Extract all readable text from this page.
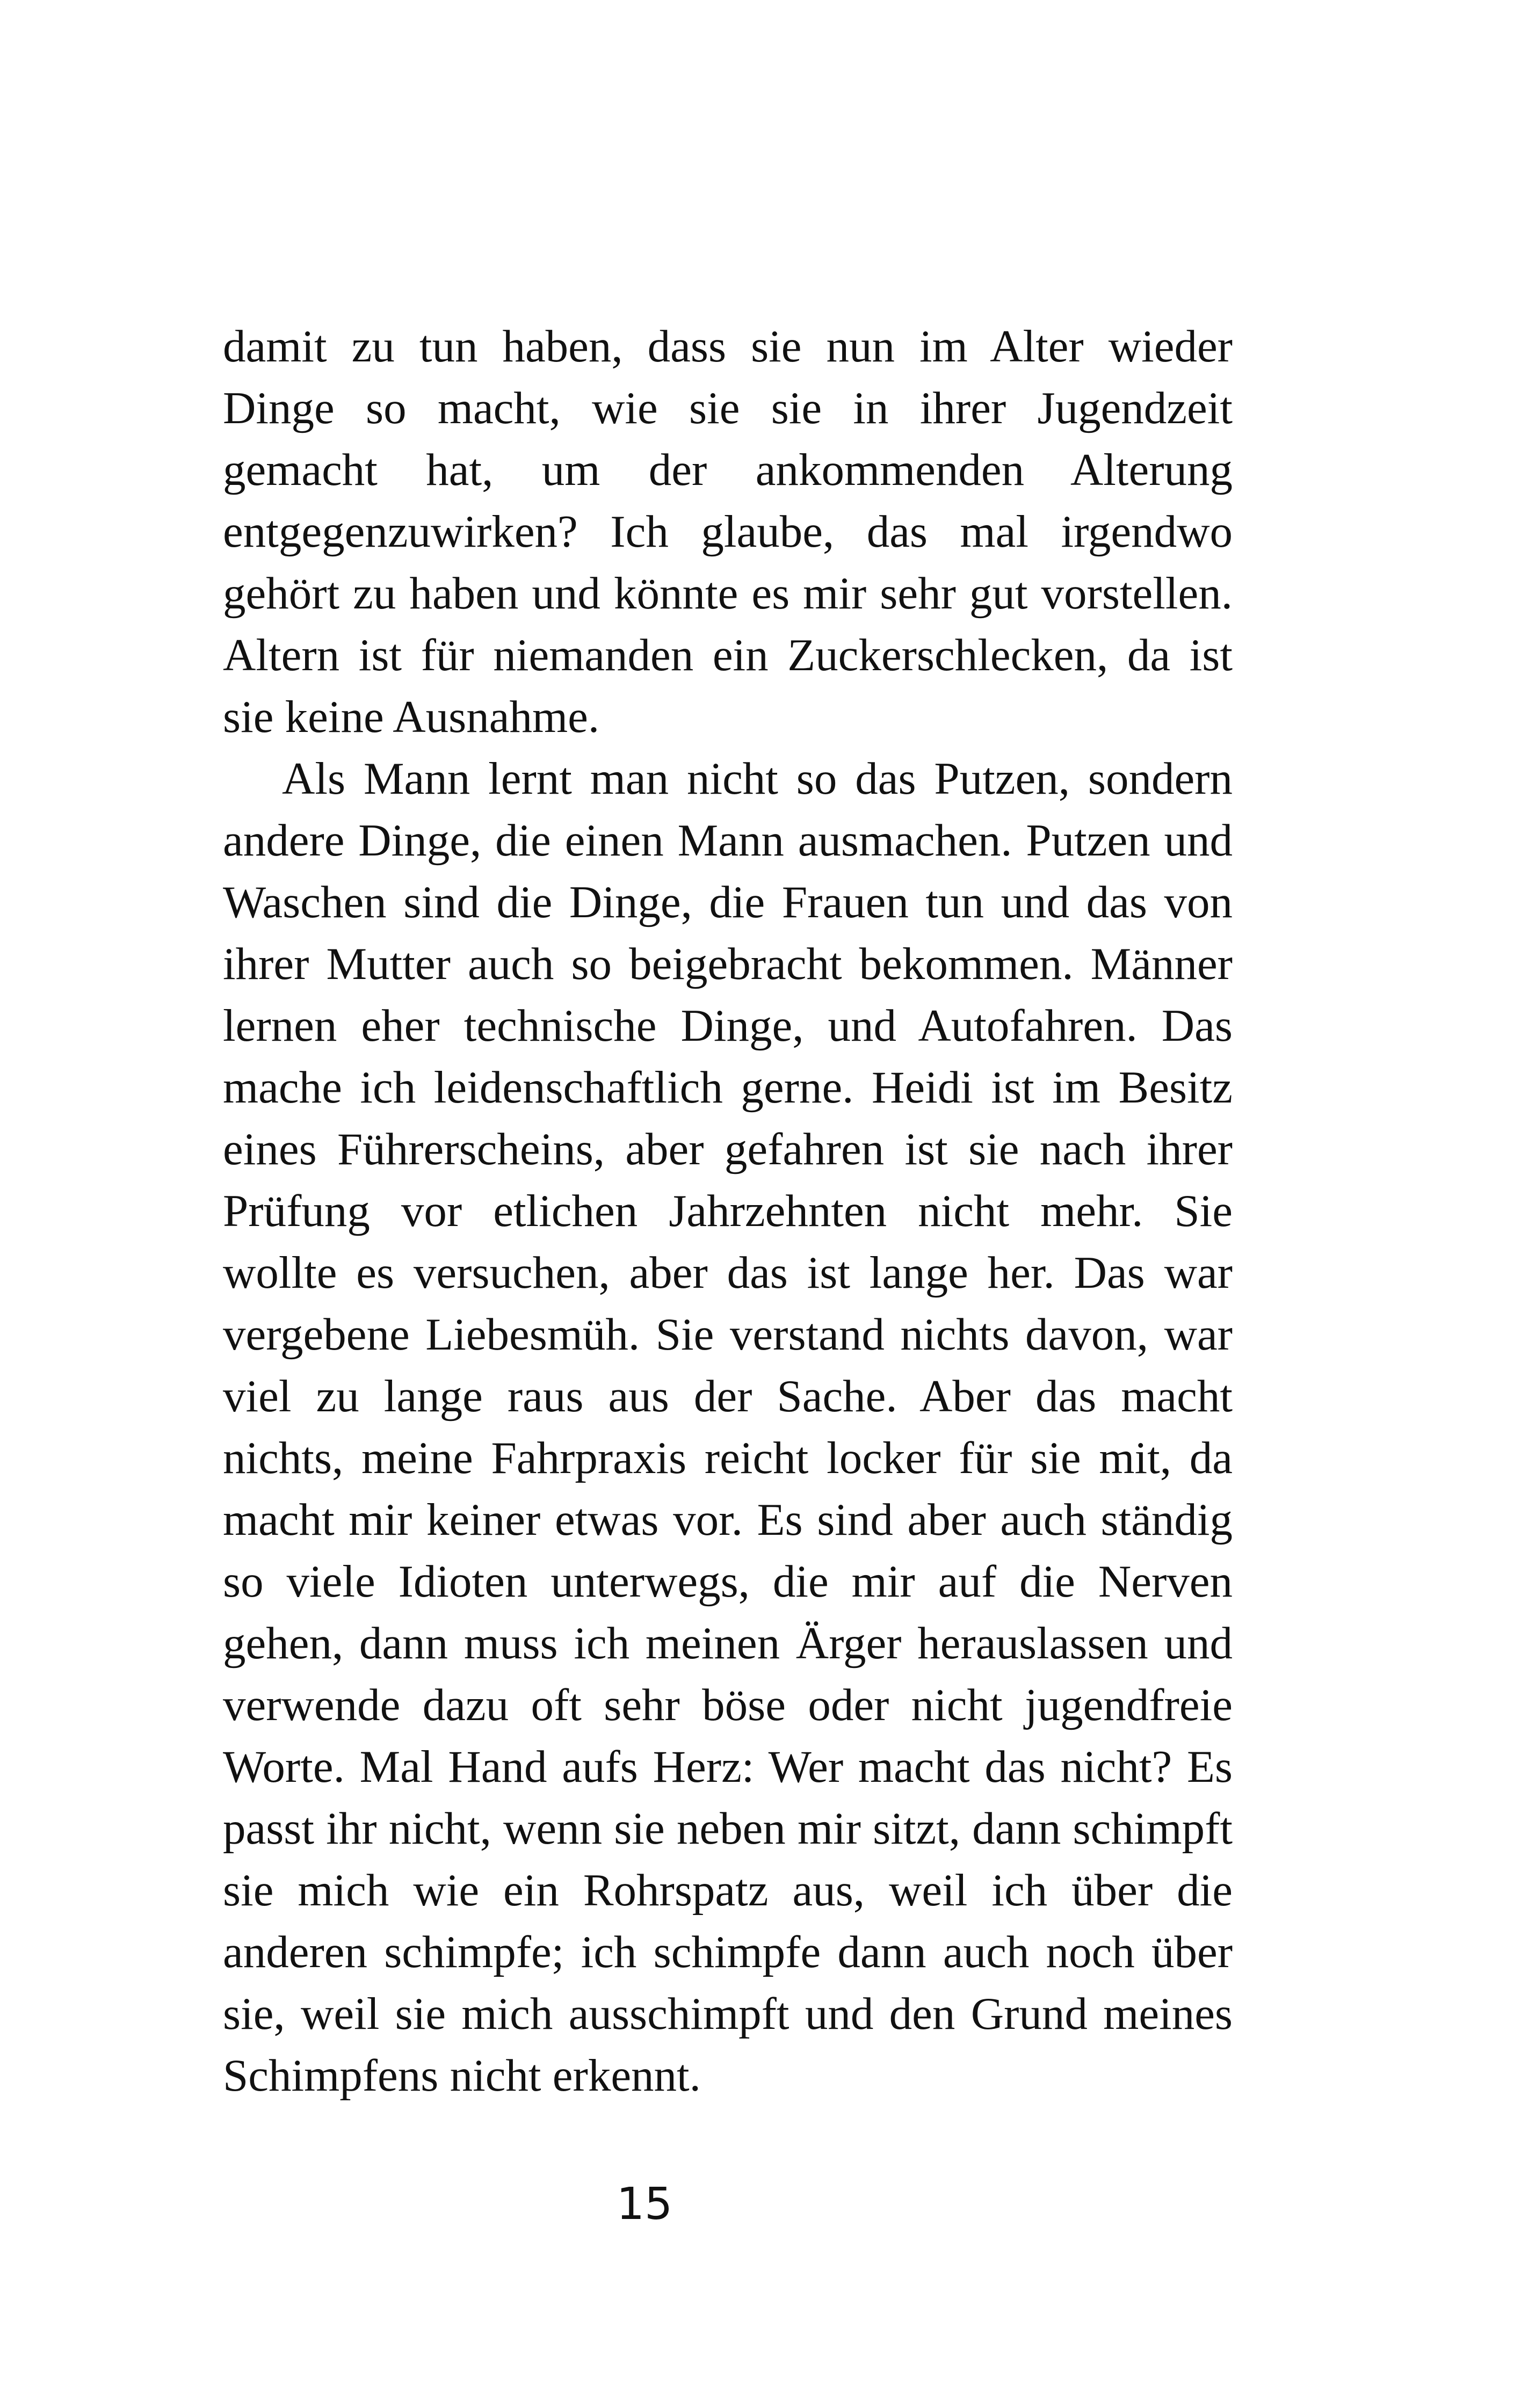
damit zu tun haben, dass sie nun im Alter wieder Dinge so macht, wie sie sie in ihrer Jugendzeit gemacht hat, um der ankommenden Alterung entgegenzuwirken? Ich glaube, das mal irgendwo gehört zu haben und könnte es mir sehr gut vorstellen. Altern ist für niemanden ein Zuckerschlecken, da ist sie keine Ausnahme.

Als Mann lernt man nicht so das Putzen, sondern andere Dinge, die einen Mann ausmachen. Putzen und Waschen sind die Dinge, die Frauen tun und das von ihrer Mutter auch so beigebracht bekommen. Männer lernen eher technische Dinge, und Autofahren. Das mache ich leidenschaftlich gerne. Heidi ist im Besitz eines Führerscheins, aber gefahren ist sie nach ihrer Prüfung vor etlichen Jahrzehnten nicht mehr. Sie wollte es versuchen, aber das ist lange her. Das war vergebene Liebesmüh. Sie verstand nichts davon, war viel zu lange raus aus der Sache. Aber das macht nichts, meine Fahrpraxis reicht locker für sie mit, da macht mir keiner etwas vor. Es sind aber auch ständig so viele Idioten unterwegs, die mir auf die Nerven gehen, dann muss ich meinen Ärger herauslassen und verwende dazu oft sehr böse oder nicht jugendfreie Worte. Mal Hand aufs Herz: Wer macht das nicht? Es passt ihr nicht, wenn sie neben mir sitzt, dann schimpft sie mich wie ein Rohrspatz aus, weil ich über die anderen schimpfe; ich schimpfe dann auch noch über sie, weil sie mich ausschimpft und den Grund meines Schimpfens nicht erkennt.

15
